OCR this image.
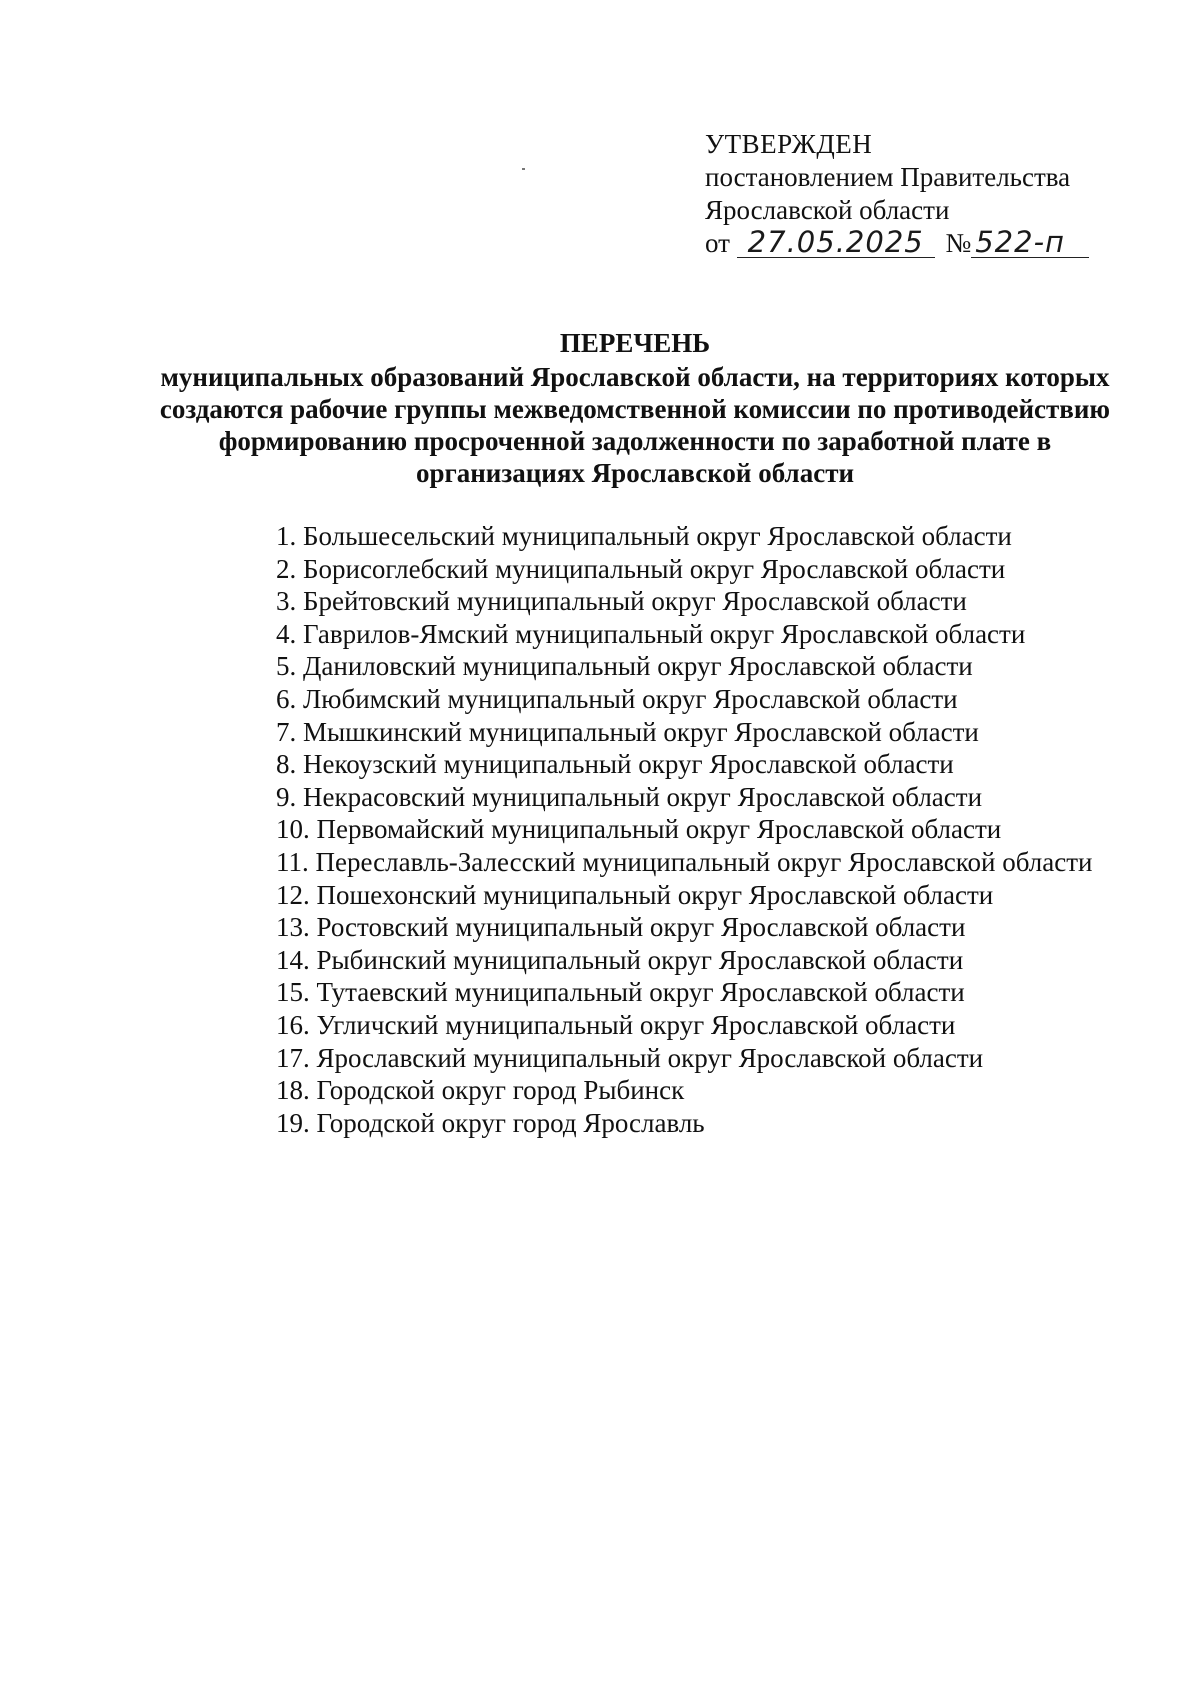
УТВЕРЖДЕН
постановлением Правительства
Ярославской области
от 27.05.2025 № 522-п
ПЕРЕЧЕНЬ
муниципальных образований Ярославской области, на территориях которых создаются рабочие группы межведомственной комиссии по противодействию формированию просроченной задолженности по заработной плате в организациях Ярославской области
1. Большесельский муниципальный округ Ярославской области
2. Борисоглебский муниципальный округ Ярославской области
3. Брейтовский муниципальный округ Ярославской области
4. Гаврилов-Ямский муниципальный округ Ярославской области
5. Даниловский муниципальный округ Ярославской области
6. Любимский муниципальный округ Ярославской области
7. Мышкинский муниципальный округ Ярославской области
8. Некоузский муниципальный округ Ярославской области
9. Некрасовский муниципальный округ Ярославской области
10. Первомайский муниципальный округ Ярославской области
11. Переславль-Залесский муниципальный округ Ярославской области
12. Пошехонский муниципальный округ Ярославской области
13. Ростовский муниципальный округ Ярославской области
14. Рыбинский муниципальный округ Ярославской области
15. Тутаевский муниципальный округ Ярославской области
16. Угличский муниципальный округ Ярославской области
17. Ярославский муниципальный округ Ярославской области
18. Городской округ город Рыбинск
19. Городской округ город Ярославль
